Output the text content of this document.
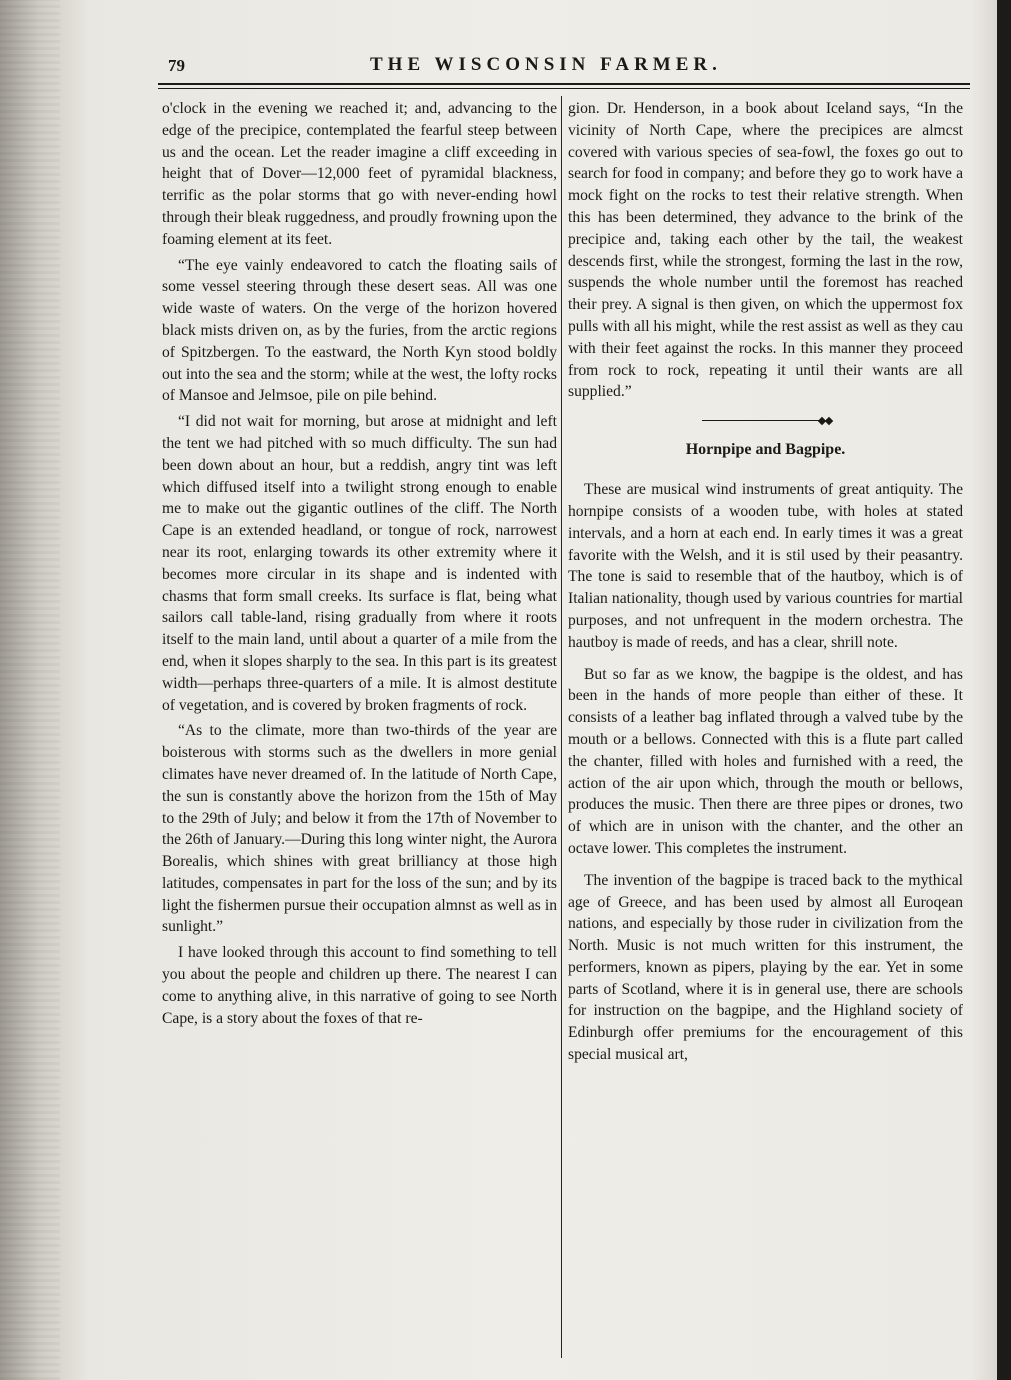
79	THE WISCONSIN FARMER.

o'clock in the evening we reached it; and, advancing to the edge of the precipice, contemplated the fearful steep between us and the ocean. Let the reader imagine a cliff exceeding in height that of Dover—12,000 feet of pyramidal blackness, terrific as the polar storms that go with never-ending howl through their bleak ruggedness, and proudly frowning upon the foaming element at its feet.

“The eye vainly endeavored to catch the floating sails of some vessel steering through these desert seas. All was one wide waste of waters. On the verge of the horizon hovered black mists driven on, as by the furies, from the arctic regions of Spitzbergen. To the eastward, the North Kyn stood boldly out into the sea and the storm; while at the west, the lofty rocks of Mansoe and Jelmsoe, pile on pile behind.

“I did not wait for morning, but arose at midnight and left the tent we had pitched with so much difficulty. The sun had been down about an hour, but a reddish, angry tint was left which diffused itself into a twilight strong enough to enable me to make out the gigantic outlines of the cliff. The North Cape is an extended headland, or tongue of rock, narrowest near its root, enlarging towards its other extremity where it becomes more circular in its shape and is indented with chasms that form small creeks. Its surface is flat, being what sailors call table-land, rising gradually from where it roots itself to the main land, until about a quarter of a mile from the end, when it slopes sharply to the sea. In this part is its greatest width—perhaps three-quarters of a mile. It is almost destitute of vegetation, and is covered by broken fragments of rock.

“As to the climate, more than two-thirds of the year are boisterous with storms such as the dwellers in more genial climates have never dreamed of. In the latitude of North Cape, the sun is constantly above the horizon from the 15th of May to the 29th of July; and below it from the 17th of November to the 26th of January.—During this long winter night, the Aurora Borealis, which shines with great brilliancy at those high latitudes, compensates in part for the loss of the sun; and by its light the fishermen pursue their occupation almnst as well as in sunlight.”

I have looked through this account to find something to tell you about the people and children up there. The nearest I can come to anything alive, in this narrative of going to see North Cape, is a story about the foxes of that re-

gion. Dr. Henderson, in a book about Iceland says, “In the vicinity of North Cape, where the precipices are almcst covered with various species of sea-fowl, the foxes go out to search for food in company; and before they go to work have a mock fight on the rocks to test their relative strength. When this has been determined, they advance to the brink of the precipice and, taking each other by the tail, the weakest descends first, while the strongest, forming the last in the row, suspends the whole number until the foremost has reached their prey. A signal is then given, on which the uppermost fox pulls with all his might, while the rest assist as well as they cau with their feet against the rocks. In this manner they proceed from rock to rock, repeating it until their wants are all supplied.”

Hornpipe and Bagpipe.

These are musical wind instruments of great antiquity. The hornpipe consists of a wooden tube, with holes at stated intervals, and a horn at each end. In early times it was a great favorite with the Welsh, and it is stil used by their peasantry. The tone is said to resemble that of the hautboy, which is of Italian nationality, though used by various countries for martial purposes, and not unfrequent in the modern orchestra. The hautboy is made of reeds, and has a clear, shrill note.

But so far as we know, the bagpipe is the oldest, and has been in the hands of more people than either of these. It consists of a leather bag inflated through a valved tube by the mouth or a bellows. Connected with this is a flute part called the chanter, filled with holes and furnished with a reed, the action of the air upon which, through the mouth or bellows, produces the music. Then there are three pipes or drones, two of which are in unison with the chanter, and the other an octave lower. This completes the instrument.

The invention of the bagpipe is traced back to the mythical age of Greece, and has been used by almost all Euroqean nations, and especially by those ruder in civilization from the North. Music is not much written for this instrument, the performers, known as pipers, playing by the ear. Yet in some parts of Scotland, where it is in general use, there are schools for instruction on the bagpipe, and the Highland society of Edinburgh offer premiums for the encouragement of this special musical art,
